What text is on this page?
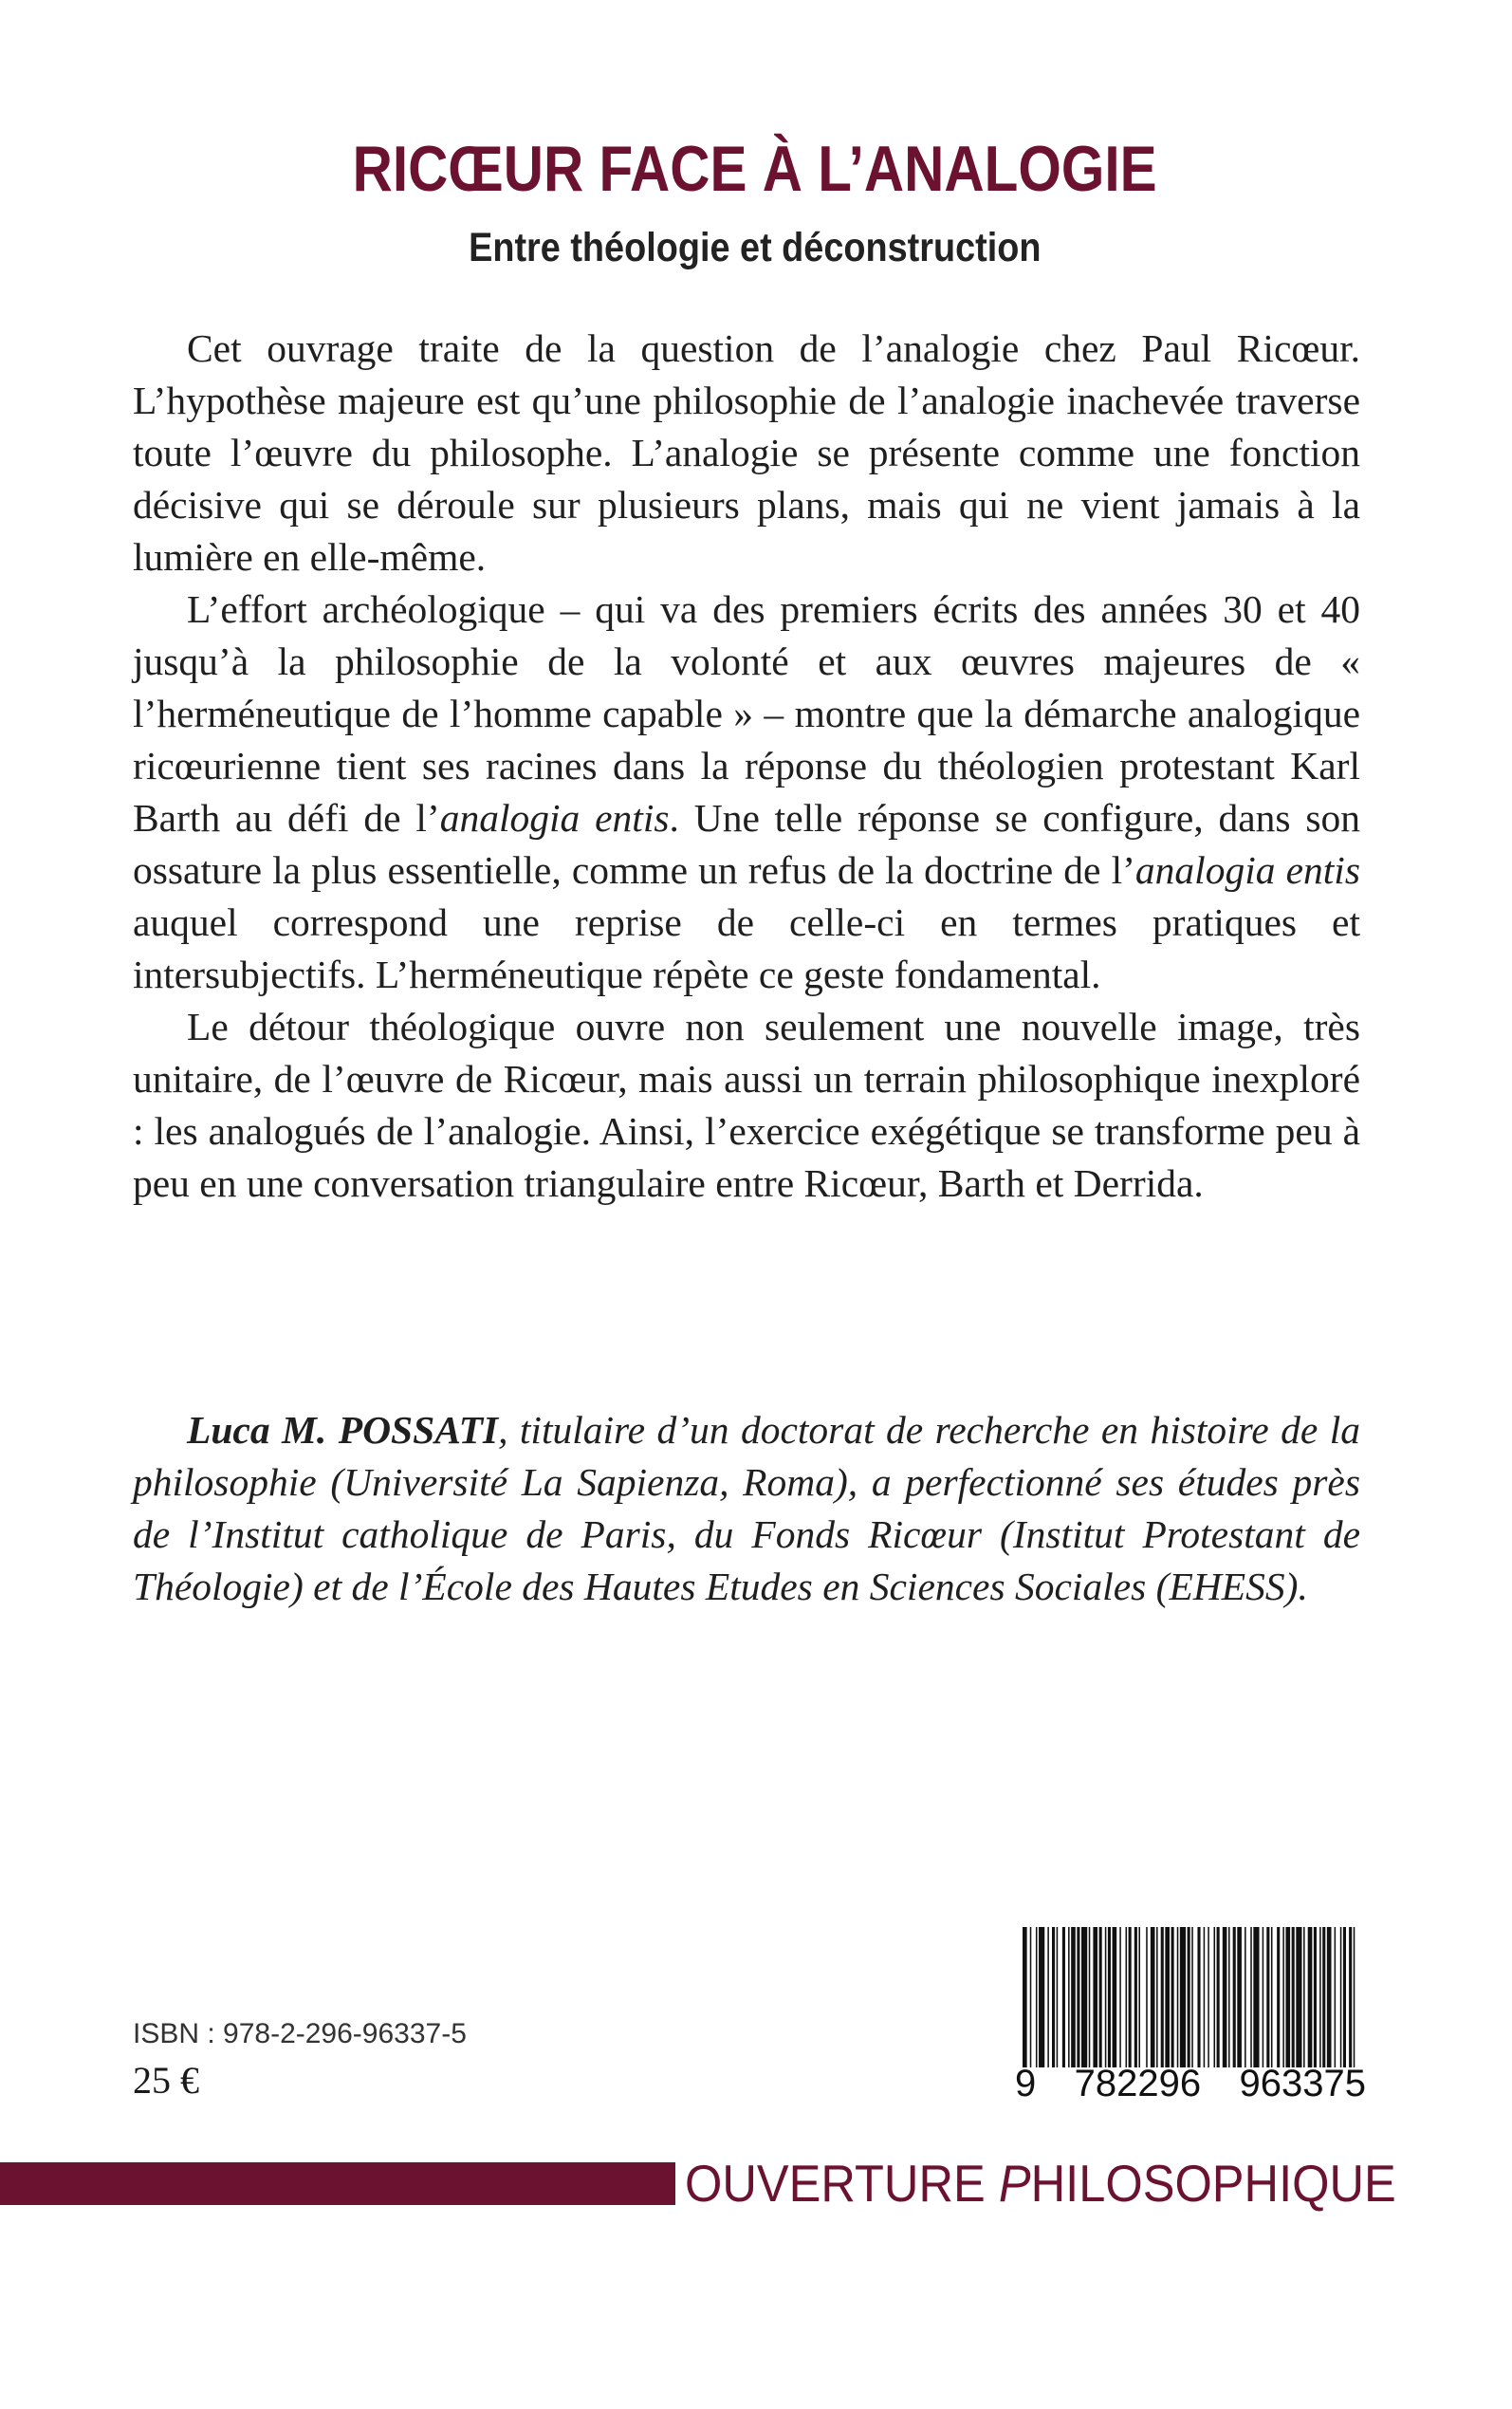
RICŒUR FACE À L’ANALOGIE
Entre théologie et déconstruction

Cet ouvrage traite de la question de l’analogie chez Paul Ricœur. L’hypothèse majeure est qu’une philosophie de l’analogie inachevée traverse toute l’œuvre du philosophe. L’analogie se présente comme une fonction décisive qui se déroule sur plusieurs plans, mais qui ne vient jamais à la lumière en elle-même.

L’effort archéologique – qui va des premiers écrits des années 30 et 40 jusqu’à la philosophie de la volonté et aux œuvres majeures de « l’herméneutique de l’homme capable » – montre que la démarche analogique ricœurienne tient ses racines dans la réponse du théologien protestant Karl Barth au défi de l’analogia entis. Une telle réponse se configure, dans son ossature la plus essentielle, comme un refus de la doctrine de l’analogia entis auquel correspond une reprise de celle-ci en termes pratiques et intersubjectifs. L’herméneutique répète ce geste fondamental.

Le détour théologique ouvre non seulement une nouvelle image, très unitaire, de l’œuvre de Ricœur, mais aussi un terrain philosophique inexploré : les analogués de l’analogie. Ainsi, l’exercice exégétique se transforme peu à peu en une conversation triangulaire entre Ricœur, Barth et Derrida.

Luca M. POSSATI, titulaire d’un doctorat de recherche en histoire de la philosophie (Université La Sapienza, Roma), a perfectionné ses études près de l’Institut catholique de Paris, du Fonds Ricœur (Institut Protestant de Théologie) et de l’École des Hautes Etudes en Sciences Sociales (EHESS).
ISBN : 978-2-296-96337-5
25 €	9 782296 963375
OUVERTURE PHILOSOPHIQUE
